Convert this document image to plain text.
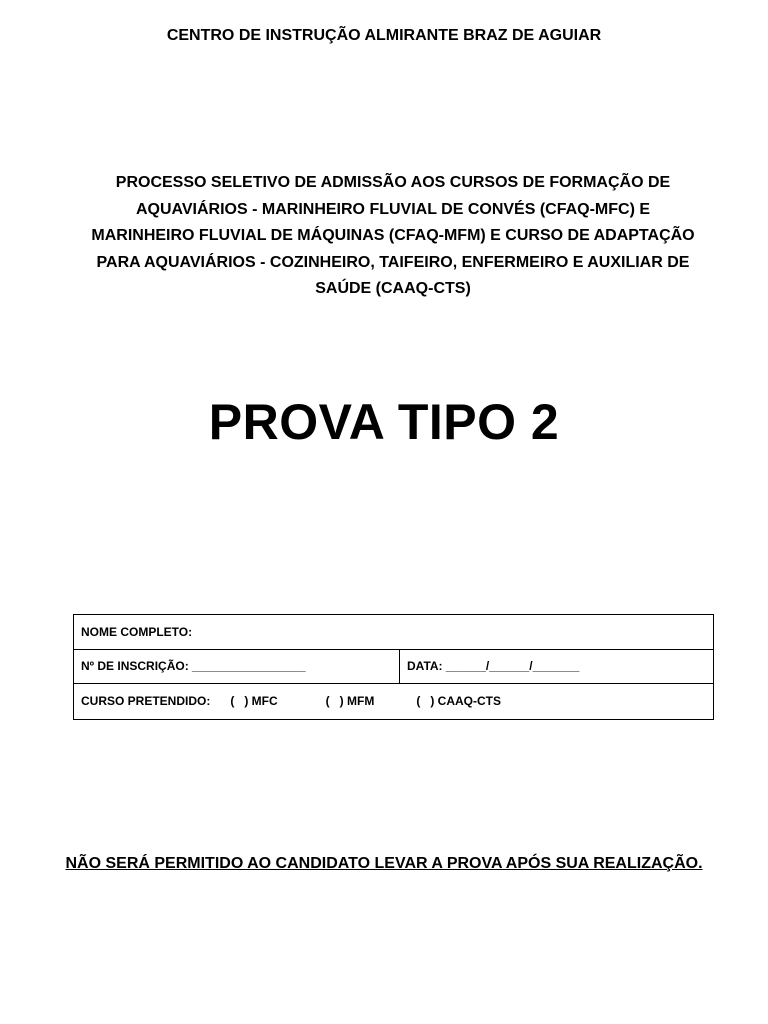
CENTRO DE INSTRUÇÃO ALMIRANTE BRAZ DE AGUIAR
PROCESSO SELETIVO DE ADMISSÃO AOS CURSOS DE FORMAÇÃO DE
AQUAVIÁRIOS - MARINHEIRO FLUVIAL DE CONVÉS (CFAQ-MFC) E
MARINHEIRO FLUVIAL DE MÁQUINAS (CFAQ-MFM) E CURSO DE ADAPTAÇÃO
PARA AQUAVIÁRIOS - COZINHEIRO, TAIFEIRO, ENFERMEIRO E AUXILIAR DE
SAÚDE (CAAQ-CTS)
PROVA TIPO 2
NOME COMPLETO:
Nº DE INSCRIÇÃO: _________________	DATA: ______/______/_______
CURSO PRETENDIDO: (   ) MFC	(   ) MFM	(   ) CAAQ-CTS
NÃO SERÁ PERMITIDO AO CANDIDATO LEVAR A PROVA APÓS SUA REALIZAÇÃO.
